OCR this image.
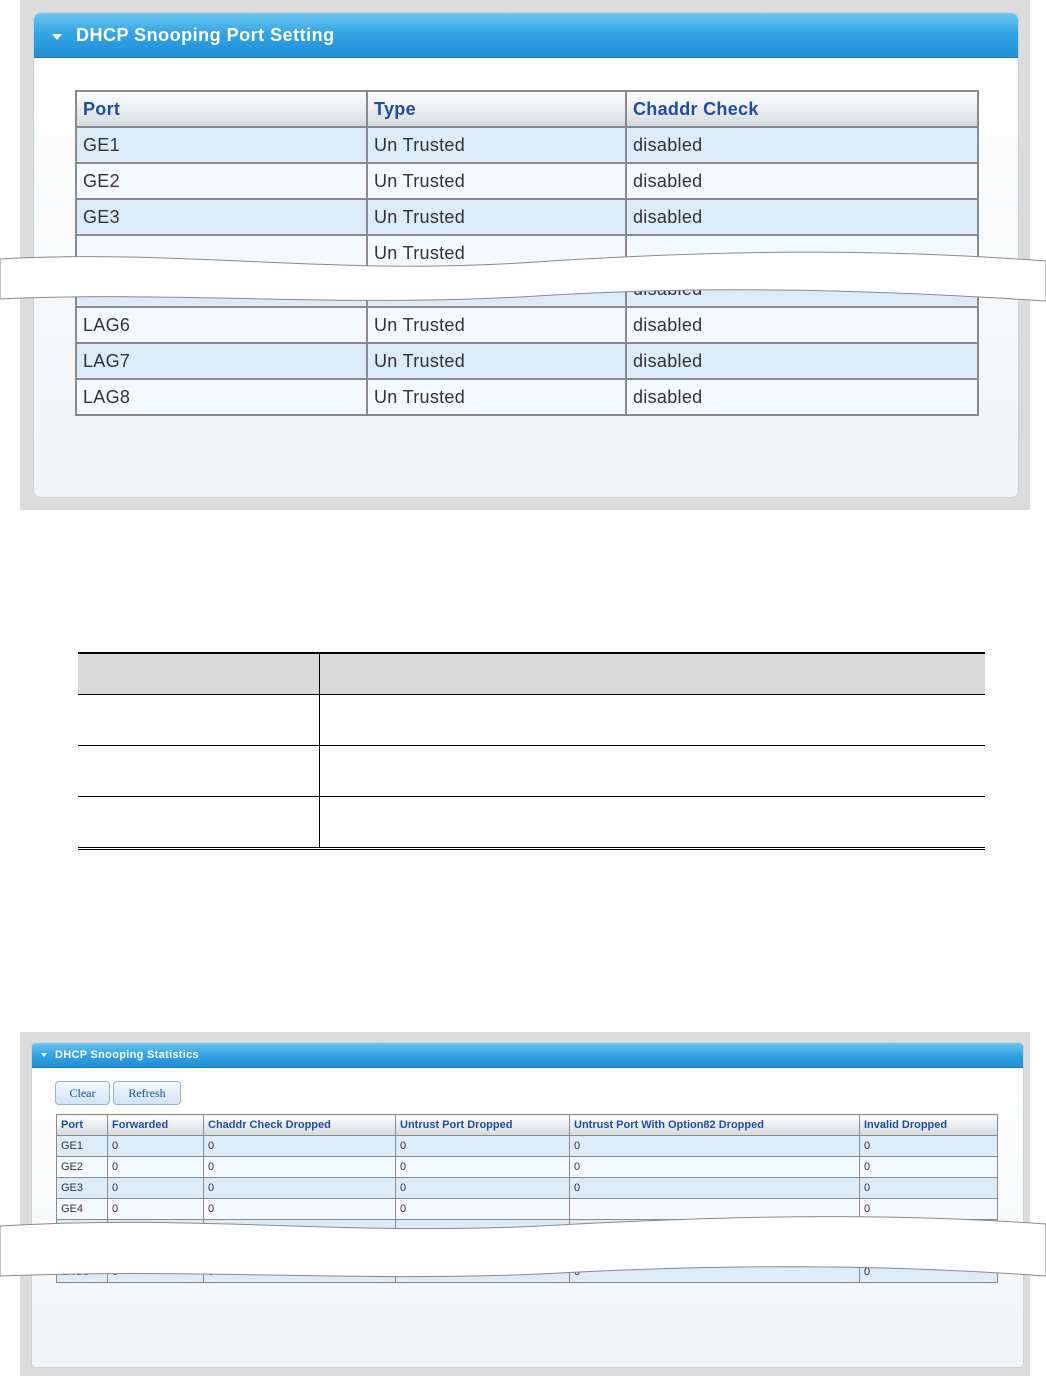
DHCP Snooping Port Setting
Port	Type	Chaddr Check
GE1	Un Trusted	disabled
GE2	Un Trusted	disabled
GE3	Un Trusted	disabled
	Un Trusted	

LAG6	Un Trusted	disabled
LAG7	Un Trusted	disabled
LAG8	Un Trusted	disabled

DHCP Snooping Statistics
Clear	Refresh
Port	Forwarded	Chaddr Check Dropped	Untrust Port Dropped	Untrust Port With Option82 Dropped	Invalid Dropped
GE1	0	0	0	0	0
GE2	0	0	0	0	0
GE3	0	0	0	0	0
GE4	0	0	0		0

					0
